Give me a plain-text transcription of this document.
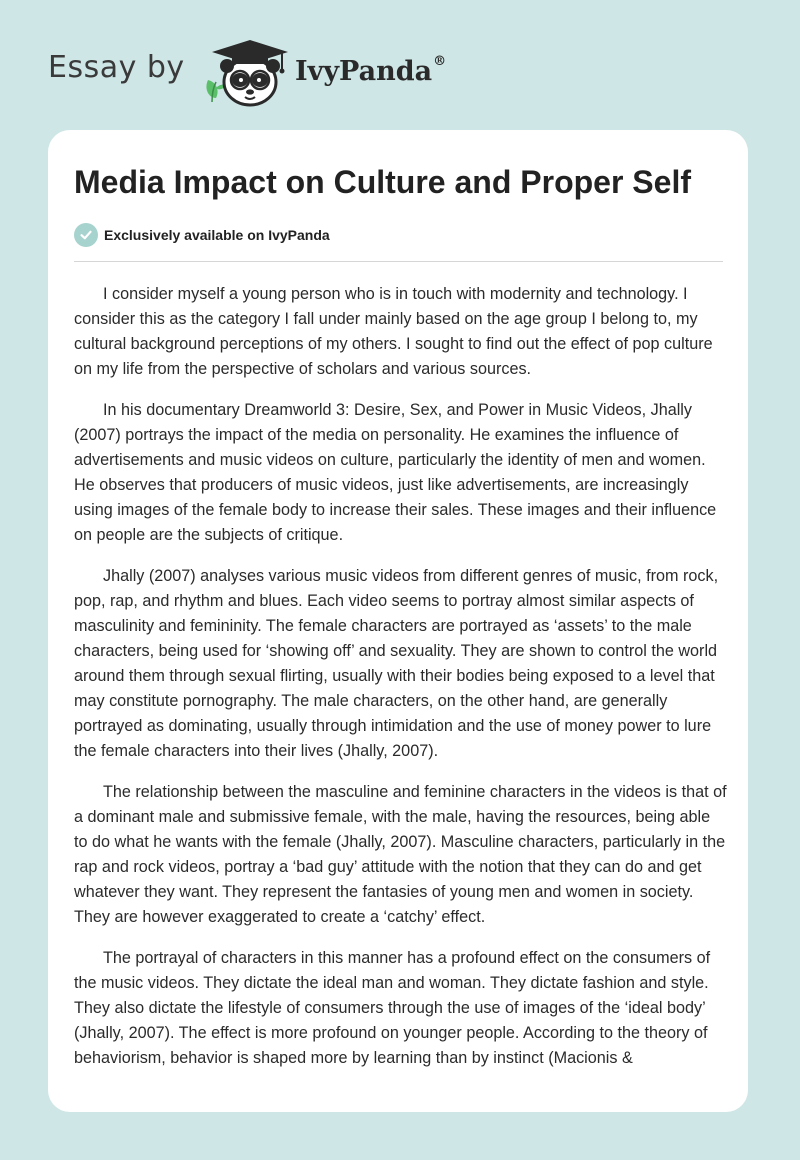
Essay by	IvyPanda®
Media Impact on Culture and Proper Self
Exclusively available on IvyPanda

I consider myself a young person who is in touch with modernity and technology. I consider this as the category I fall under mainly based on the age group I belong to, my cultural background perceptions of my others. I sought to find out the effect of pop culture on my life from the perspective of scholars and various sources.

In his documentary Dreamworld 3: Desire, Sex, and Power in Music Videos, Jhally (2007) portrays the impact of the media on personality. He examines the influence of advertisements and music videos on culture, particularly the identity of men and women. He observes that producers of music videos, just like advertisements, are increasingly using images of the female body to increase their sales. These images and their influence on people are the subjects of critique.

Jhally (2007) analyses various music videos from different genres of music, from rock, pop, rap, and rhythm and blues. Each video seems to portray almost similar aspects of masculinity and femininity. The female characters are portrayed as ‘assets’ to the male characters, being used for ‘showing off’ and sexuality. They are shown to control the world around them through sexual flirting, usually with their bodies being exposed to a level that may constitute pornography. The male characters, on the other hand, are generally portrayed as dominating, usually through intimidation and the use of money power to lure the female characters into their lives (Jhally, 2007).

The relationship between the masculine and feminine characters in the videos is that of a dominant male and submissive female, with the male, having the resources, being able to do what he wants with the female (Jhally, 2007). Masculine characters, particularly in the rap and rock videos, portray a ‘bad guy’ attitude with the notion that they can do and get whatever they want. They represent the fantasies of young men and women in society. They are however exaggerated to create a ‘catchy’ effect.

The portrayal of characters in this manner has a profound effect on the consumers of the music videos. They dictate the ideal man and woman. They dictate fashion and style. They also dictate the lifestyle of consumers through the use of images of the ‘ideal body’ (Jhally, 2007). The effect is more profound on younger people. According to the theory of behaviorism, behavior is shaped more by learning than by instinct (Macionis &
